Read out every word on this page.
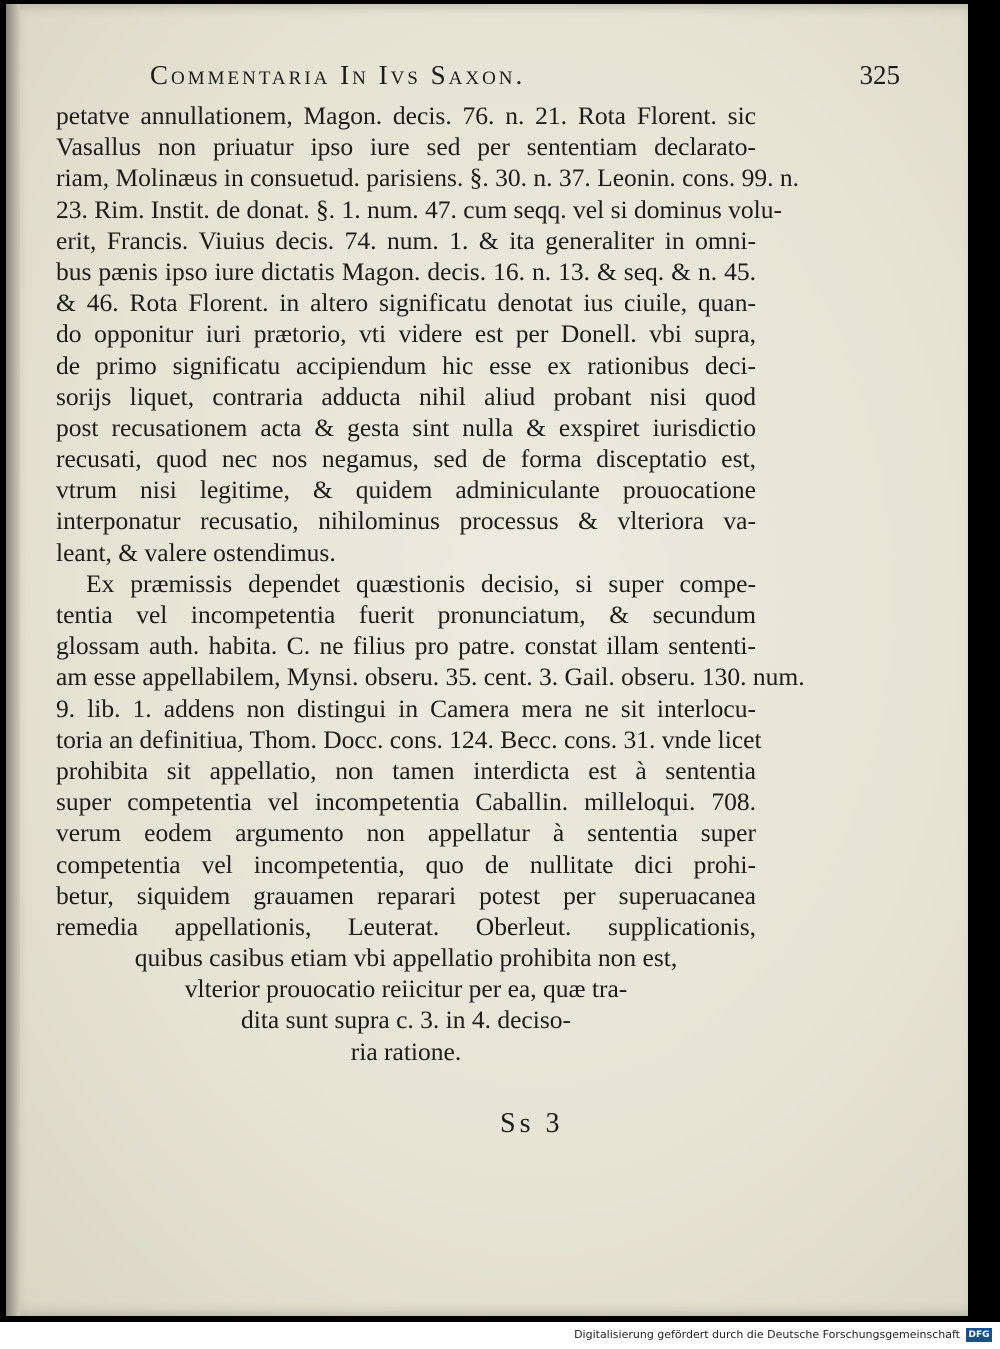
Commentaria In Ivs Saxon.	325
petatve annullationem, Magon. decis. 76. n. 21. Rota Florent. sic
Vasallus non priuatur ipso iure sed per sententiam declarato-
riam, Molinæus in consuetud. parisiens. §. 30. n. 37. Leonin. cons. 99. n.
23. Rim. Instit. de donat. §. 1. num. 47. cum seqq. vel si dominus volu-
erit, Francis. Viuius decis. 74. num. 1. & ita generaliter in omni-
bus pænis ipso iure dictatis Magon. decis. 16. n. 13. & seq. & n. 45.
& 46. Rota Florent. in altero significatu denotat ius ciuile, quan-
do opponitur iuri prætorio, vti videre est per Donell. vbi supra,
de primo significatu accipiendum hic esse ex rationibus deci-
sorijs liquet, contraria adducta nihil aliud probant nisi quod
post recusationem acta & gesta sint nulla & exspiret iurisdictio
recusati, quod nec nos negamus, sed de forma disceptatio est,
vtrum nisi legitime, & quidem adminiculante prouocatione
interponatur recusatio, nihilominus processus & vlteriora va-
leant, & valere ostendimus.
Ex præmissis dependet quæstionis decisio, si super compe-
tentia vel incompetentia fuerit pronunciatum, & secundum
glossam auth. habita. C. ne filius pro patre. constat illam sententi-
am esse appellabilem, Mynsi. obseru. 35. cent. 3. Gail. obseru. 130. num.
9. lib. 1. addens non distingui in Camera mera ne sit interlocu-
toria an definitiua, Thom. Docc. cons. 124. Becc. cons. 31. vnde licet
prohibita sit appellatio, non tamen interdicta est à sententia
super competentia vel incompetentia Caballin. milleloqui. 708.
verum eodem argumento non appellatur à sententia super
competentia vel incompetentia, quo de nullitate dici prohi-
betur, siquidem grauamen reparari potest per superuacanea
remedia appellationis, Leuterat. Oberleut. supplicationis,
quibus casibus etiam vbi appellatio prohibita non est,
vlterior prouocatio reiicitur per ea, quæ tra-
dita sunt supra c. 3. in 4. deciso-
ria ratione.
Ss 3
Digitalisierung gefördert durch die Deutsche Forschungsgemeinschaft DFG
